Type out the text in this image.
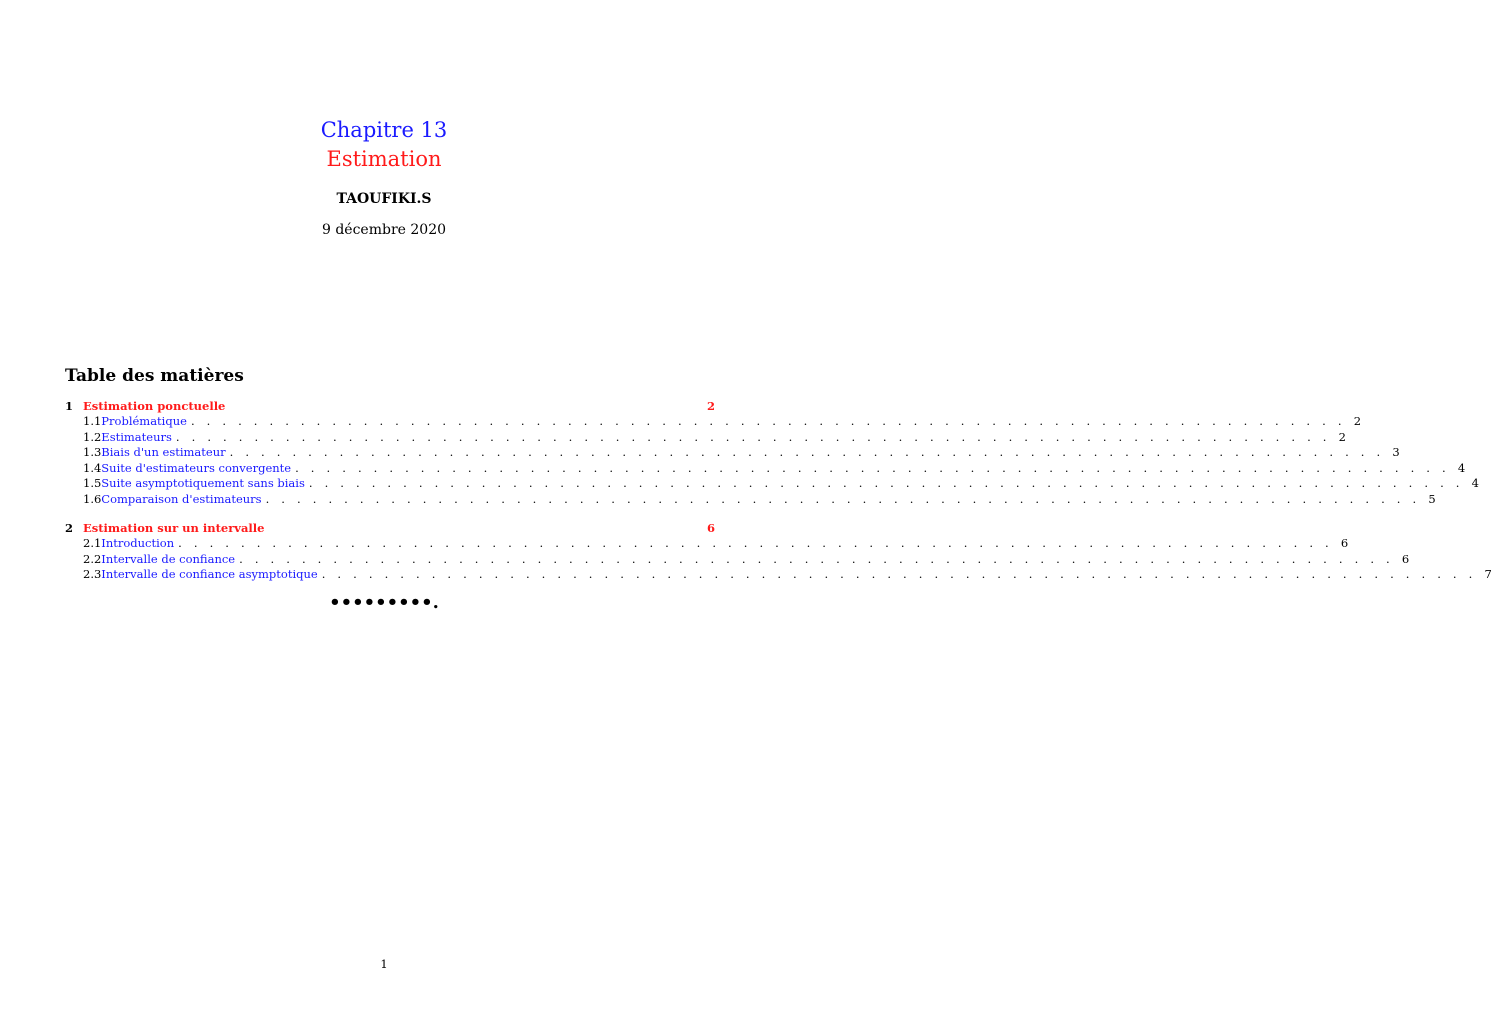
Chapitre 13
Estimation
TAOUFIKI.S
9 décembre 2020
Table des matières
1 Estimation ponctuelle	2
1.1 Problématique . . . . . . . . . . . . . . . . . . . . . . . . . . . . . . . . . . . . . . . . . . . . . . . . . . . . . . . . . . . . . . . . . . . . . . . . . . 2
1.2 Estimateurs . . . . . . . . . . . . . . . . . . . . . . . . . . . . . . . . . . . . . . . . . . . . . . . . . . . . . . . . . . . . . . . . . . . . . . . . . . 2
1.3 Biais d'un estimateur . . . . . . . . . . . . . . . . . . . . . . . . . . . . . . . . . . . . . . . . . . . . . . . . . . . . . . . . . . . . . . . . . . . . . . . . . . 3
1.4 Suite d'estimateurs convergente . . . . . . . . . . . . . . . . . . . . . . . . . . . . . . . . . . . . . . . . . . . . . . . . . . . . . . . . . . . . . . . . . . . . . . . . . . 4
1.5 Suite asymptotiquement sans biais . . . . . . . . . . . . . . . . . . . . . . . . . . . . . . . . . . . . . . . . . . . . . . . . . . . . . . . . . . . . . . . . . . . . . . . . . . 4
1.6 Comparaison d'estimateurs . . . . . . . . . . . . . . . . . . . . . . . . . . . . . . . . . . . . . . . . . . . . . . . . . . . . . . . . . . . . . . . . . . . . . . . . . . 5
2 Estimation sur un intervalle	6
2.1 Introduction . . . . . . . . . . . . . . . . . . . . . . . . . . . . . . . . . . . . . . . . . . . . . . . . . . . . . . . . . . . . . . . . . . . . . . . . . . 6
2.2 Intervalle de confiance . . . . . . . . . . . . . . . . . . . . . . . . . . . . . . . . . . . . . . . . . . . . . . . . . . . . . . . . . . . . . . . . . . . . . . . . . . 6
2.3 Intervalle de confiance asymptotique . . . . . . . . . . . . . . . . . . . . . . . . . . . . . . . . . . . . . . . . . . . . . . . . . . . . . . . . . . . . . . . . . . . . . . . . . . 7
•••••••••.
1
